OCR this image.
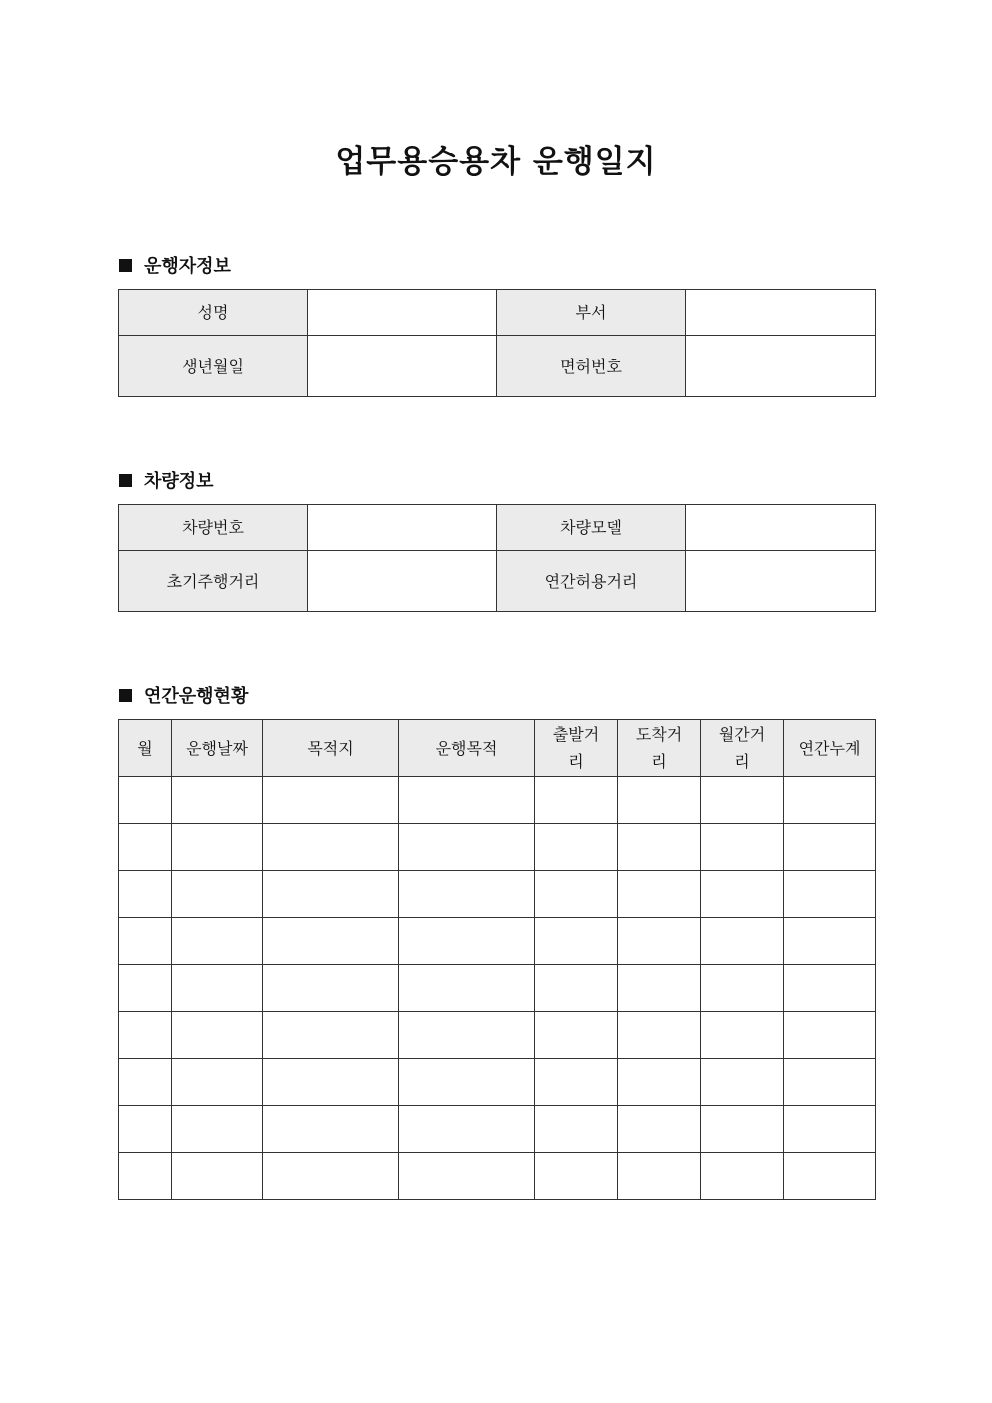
업무용승용차 운행일지
운행자정보
성명		부서	
생년월일		면허번호	
차량정보
차량번호		차량모델	
초기주행거리		연간허용거리	
연간운행현황
월	운행날짜	목적지	운행목적	출발거리	도착거리	월간거리	연간누계
